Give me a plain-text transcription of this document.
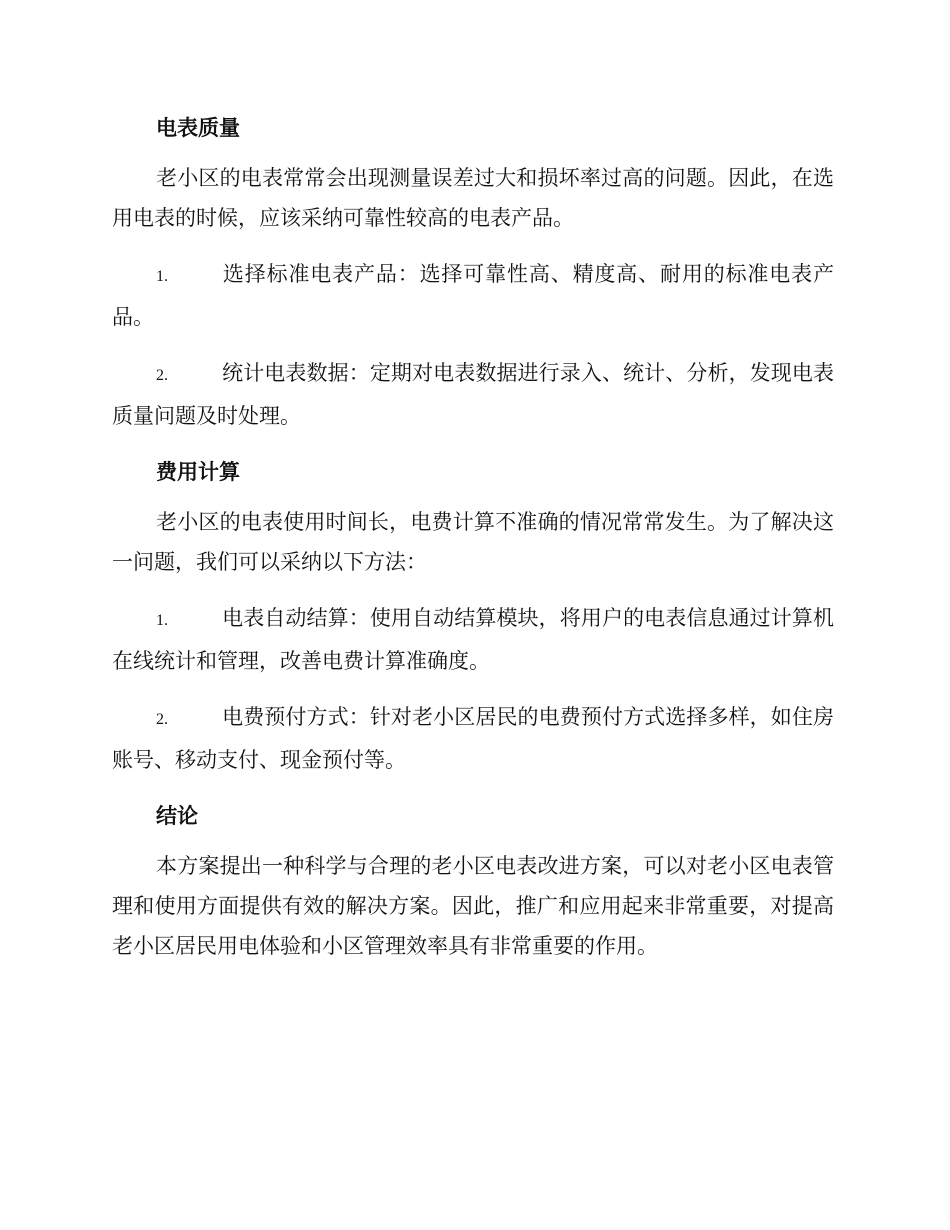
电表质量

老小区的电表常常会出现测量误差过大和损坏率过高的问题。因此，在选用电表的时候，应该采纳可靠性较高的电表产品。

1.	选择标准电表产品：选择可靠性高、精度高、耐用的标准电表产品。

2.	统计电表数据：定期对电表数据进行录入、统计、分析，发现电表质量问题及时处理。

费用计算

老小区的电表使用时间长，电费计算不准确的情况常常发生。为了解决这一问题，我们可以采纳以下方法：

1.	电表自动结算：使用自动结算模块，将用户的电表信息通过计算机在线统计和管理，改善电费计算准确度。

2.	电费预付方式：针对老小区居民的电费预付方式选择多样，如住房账号、移动支付、现金预付等。

结论

本方案提出一种科学与合理的老小区电表改进方案，可以对老小区电表管理和使用方面提供有效的解决方案。因此，推广和应用起来非常重要，对提高老小区居民用电体验和小区管理效率具有非常重要的作用。
